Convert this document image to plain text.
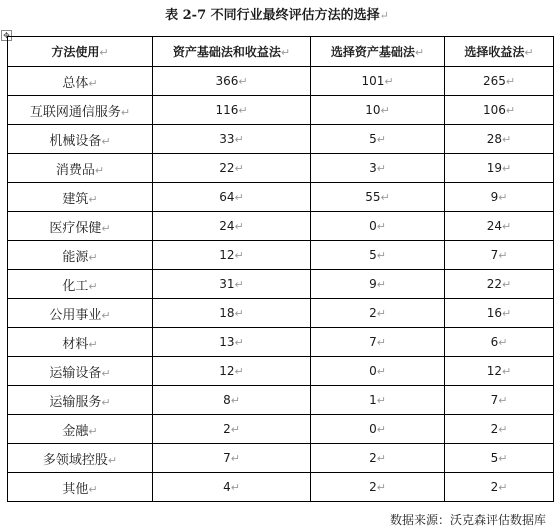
表 2-7 不同行业最终评估方法的选择↵
✥
方法使用↵	资产基础法和收益法↵	选择资产基础法↵	选择收益法↵
总体↵	366↵	101↵	265↵
互联网通信服务↵	116↵	10↵	106↵
机械设备↵	33↵	5↵	28↵
消费品↵	22↵	3↵	19↵
建筑↵	64↵	55↵	9↵
医疗保健↵	24↵	0↵	24↵
能源↵	12↵	5↵	7↵
化工↵	31↵	9↵	22↵
公用事业↵	18↵	2↵	16↵
材料↵	13↵	7↵	6↵
运输设备↵	12↵	0↵	12↵
运输服务↵	8↵	1↵	7↵
金融↵	2↵	0↵	2↵
多领域控股↵	7↵	2↵	5↵
其他↵	4↵	2↵	2↵
数据来源：沃克森评估数据库
